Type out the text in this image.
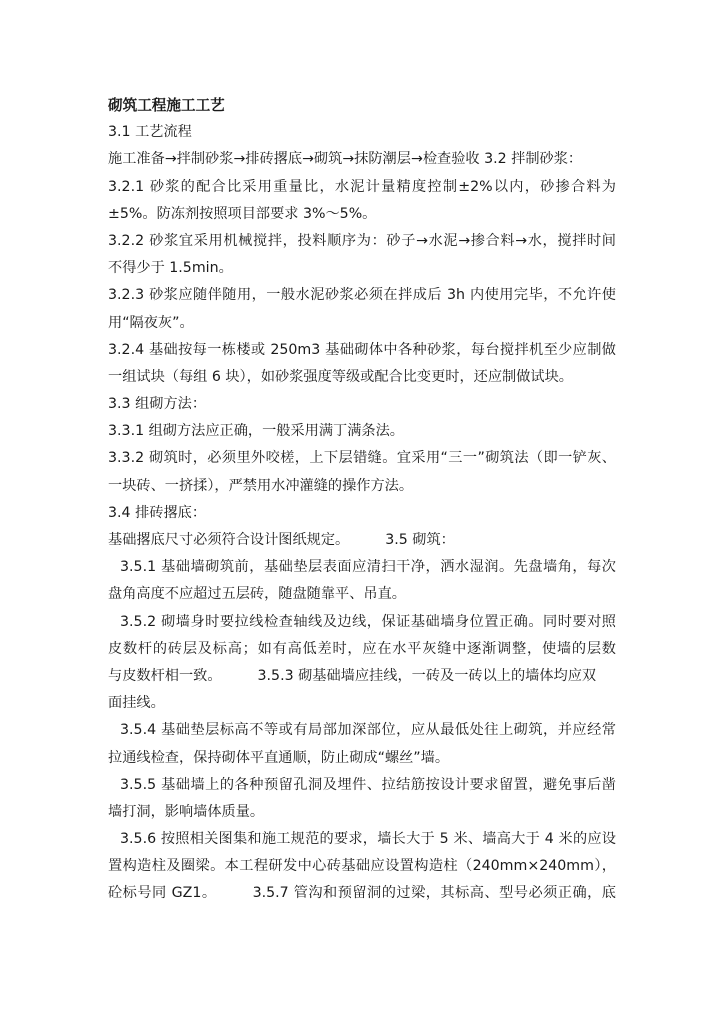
砌筑工程施工工艺
3.1 工艺流程
施工准备→拌制砂浆→排砖撂底→砌筑→抹防潮层→检查验收 3.2 拌制砂浆：
3.2.1 砂浆的配合比采用重量比，水泥计量精度控制±2%以内，砂掺合料为
±5%。防冻剂按照项目部要求 3%～5%。
3.2.2 砂浆宜采用机械搅拌，投料顺序为：砂子→水泥→掺合料→水，搅拌时间
不得少于 1.5min。
3.2.3 砂浆应随伴随用，一般水泥砂浆必须在拌成后 3h 内使用完毕，不允许使
用“隔夜灰”。
3.2.4 基础按每一栋楼或 250m3 基础砌体中各种砂浆，每台搅拌机至少应制做
一组试块（每组 6 块），如砂浆强度等级或配合比变更时，还应制做试块。
3.3 组砌方法：
3.3.1 组砌方法应正确，一般采用满丁满条法。
3.3.2 砌筑时，必须里外咬槎，上下层错缝。宜采用“三一”砌筑法（即一铲灰、
一块砖、一挤揉），严禁用水冲灌缝的操作方法。
3.4 排砖撂底：
基础撂底尺寸必须符合设计图纸规定。	3.5 砌筑：
3.5.1 基础墙砌筑前，基础垫层表面应清扫干净，洒水湿润。先盘墙角，每次
盘角高度不应超过五层砖，随盘随靠平、吊直。
3.5.2 砌墙身时要拉线检查轴线及边线，保证基础墙身位置正确。同时要对照
皮数杆的砖层及标高；如有高低差时，应在水平灰缝中逐渐调整，使墙的层数
与皮数杆相一致。	3.5.3 砌基础墙应挂线，一砖及一砖以上的墙体均应双
面挂线。
3.5.4 基础垫层标高不等或有局部加深部位，应从最低处往上砌筑，并应经常
拉通线检查，保持砌体平直通顺，防止砌成“螺丝”墙。
3.5.5 基础墙上的各种预留孔洞及埋件、拉结筋按设计要求留置，避免事后凿
墙打洞，影响墙体质量。
3.5.6 按照相关图集和施工规范的要求，墙长大于 5 米、墙高大于 4 米的应设
置构造柱及圈梁。本工程研发中心砖基础应设置构造柱（240mm×240mm），
砼标号同 GZ1。	3.5.7 管沟和预留洞的过梁，其标高、型号必须正确，底
